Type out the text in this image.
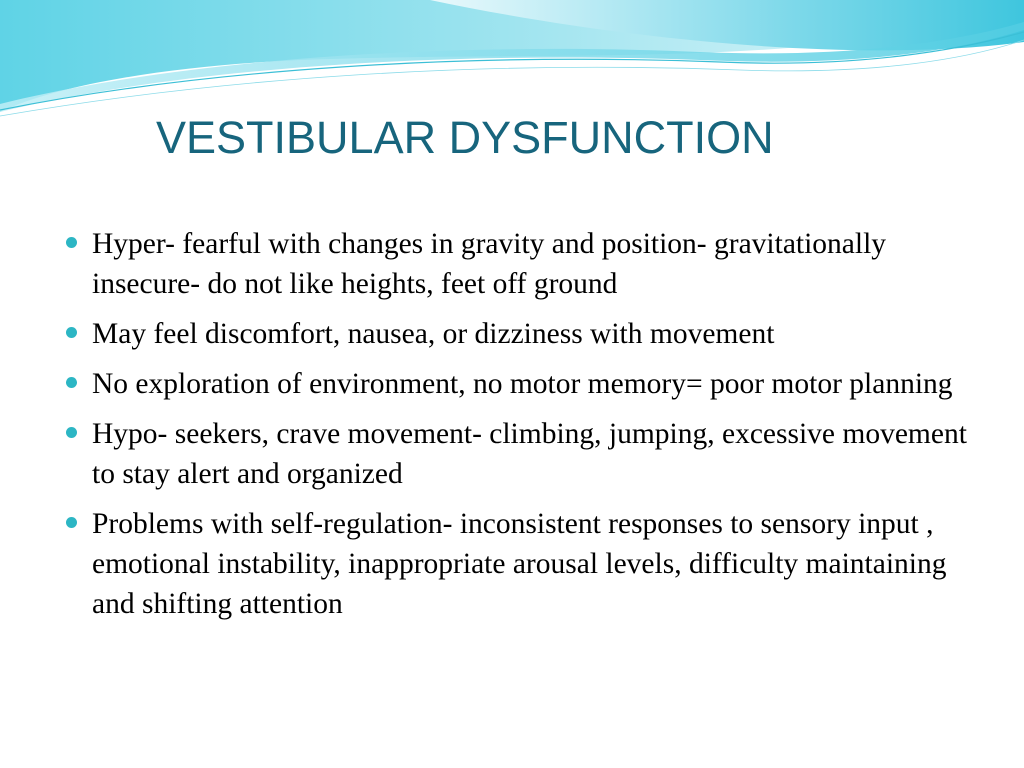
VESTIBULAR DYSFUNCTION
Hyper- fearful with changes in gravity and position- gravitationally insecure- do not like heights, feet off ground
May feel discomfort, nausea, or dizziness with movement
No exploration of environment, no motor memory= poor motor planning
Hypo- seekers, crave movement- climbing, jumping, excessive movement to stay alert and organized
Problems with self-regulation- inconsistent responses to sensory input , emotional instability, inappropriate arousal levels, difficulty maintaining and shifting attention
